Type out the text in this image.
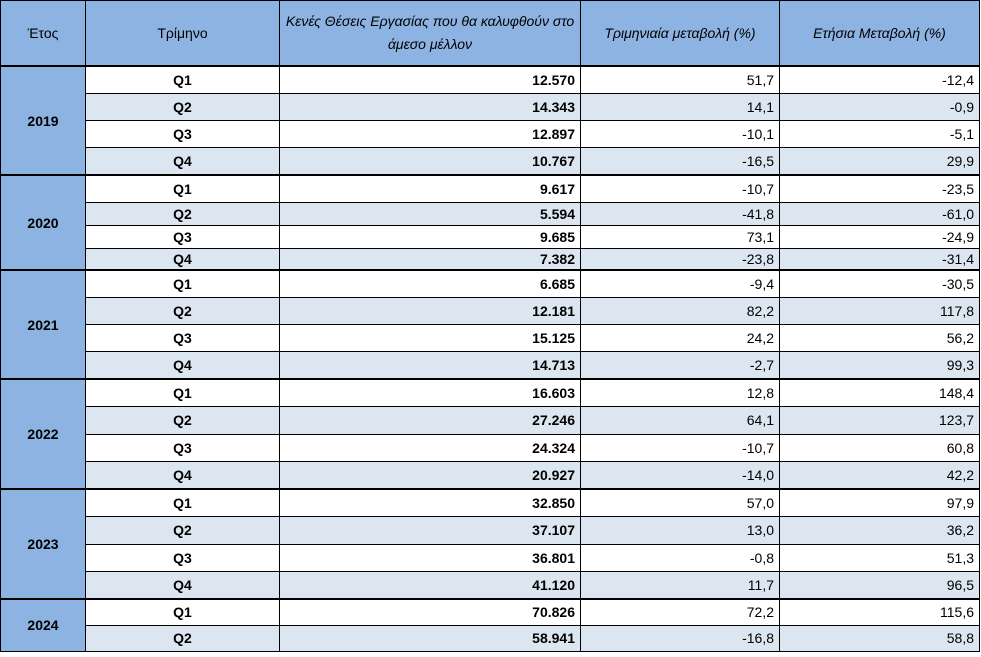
Έτος	Τρίμηνο	Κενές Θέσεις Εργασίας που θα καλυφθούν στο άμεσο μέλλον	Τριμηνιαία μεταβολή (%)	Ετήσια Μεταβολή (%)
2019	Q1	12.570	51,7	-12,4
	Q2	14.343	14,1	-0,9
	Q3	12.897	-10,1	-5,1
	Q4	10.767	-16,5	29,9
2020	Q1	9.617	-10,7	-23,5
	Q2	5.594	-41,8	-61,0
	Q3	9.685	73,1	-24,9
	Q4	7.382	-23,8	-31,4
2021	Q1	6.685	-9,4	-30,5
	Q2	12.181	82,2	117,8
	Q3	15.125	24,2	56,2
	Q4	14.713	-2,7	99,3
2022	Q1	16.603	12,8	148,4
	Q2	27.246	64,1	123,7
	Q3	24.324	-10,7	60,8
	Q4	20.927	-14,0	42,2
2023	Q1	32.850	57,0	97,9
	Q2	37.107	13,0	36,2
	Q3	36.801	-0,8	51,3
	Q4	41.120	11,7	96,5
2024	Q1	70.826	72,2	115,6
	Q2	58.941	-16,8	58,8
